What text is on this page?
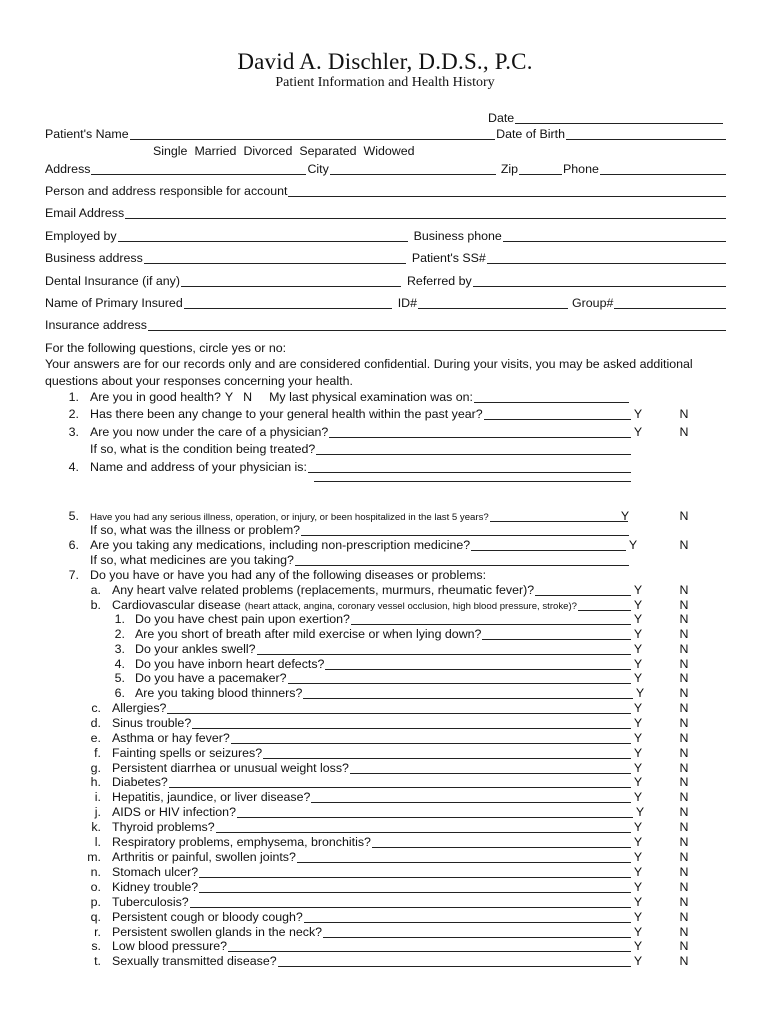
David A. Dischler, D.D.S., P.C.
Patient Information and Health History
Date
Patient's Name	Date of Birth
Single Married Divorced Separated Widowed
Address	City	Zip	Phone
Person and address responsible for account
Email Address
Employed by	Business phone
Business address	Patient's SS#
Dental Insurance (if any)	Referred by
Name of Primary Insured	ID#	Group#
Insurance address
For the following questions, circle yes or no:
Your answers are for our records only and are considered confidential. During your visits, you may be asked additional
questions about your responses concerning your health.
1. Are you in good health? Y N My last physical examination was on:
2. Has there been any change to your general health within the past year?	Y	N
3. Are you now under the care of a physician?	Y	N
If so, what is the condition being treated?
4. Name and address of your physician is:
5.	Have you had any serious illness, operation, or injury, or been hospitalized in the last 5 years?	Y	N
If so, what was the illness or problem?
6. Are you taking any medications, including non-prescription medicine?	Y	N
If so, what medicines are you taking?
7. Do you have or have you had any of the following diseases or problems:
a. Any heart valve related problems (replacements, murmurs, rheumatic fever)?	Y	N
b. Cardiovascular disease (heart attack, angina, coronary vessel occlusion, high blood pressure, stroke)?	Y	N
1. Do you have chest pain upon exertion?	Y	N
2. Are you short of breath after mild exercise or when lying down?	Y	N
3. Do your ankles swell?	Y	N
4. Do you have inborn heart defects?	Y	N
5. Do you have a pacemaker?	Y	N
6. Are you taking blood thinners?	Y	N
c. Allergies?	Y	N
d. Sinus trouble?	Y	N
e. Asthma or hay fever?	Y	N
f. Fainting spells or seizures?	Y	N
g. Persistent diarrhea or unusual weight loss?	Y	N
h. Diabetes?	Y	N
i. Hepatitis, jaundice, or liver disease?	Y	N
j. AIDS or HIV infection?	Y	N
k. Thyroid problems?	Y	N
l. Respiratory problems, emphysema, bronchitis?	Y	N
m. Arthritis or painful, swollen joints?	Y	N
n. Stomach ulcer?	Y	N
o. Kidney trouble?	Y	N
p. Tuberculosis?	Y	N
q. Persistent cough or bloody cough?	Y	N
r. Persistent swollen glands in the neck?	Y	N
s. Low blood pressure?	Y	N
t. Sexually transmitted disease?	Y	N
